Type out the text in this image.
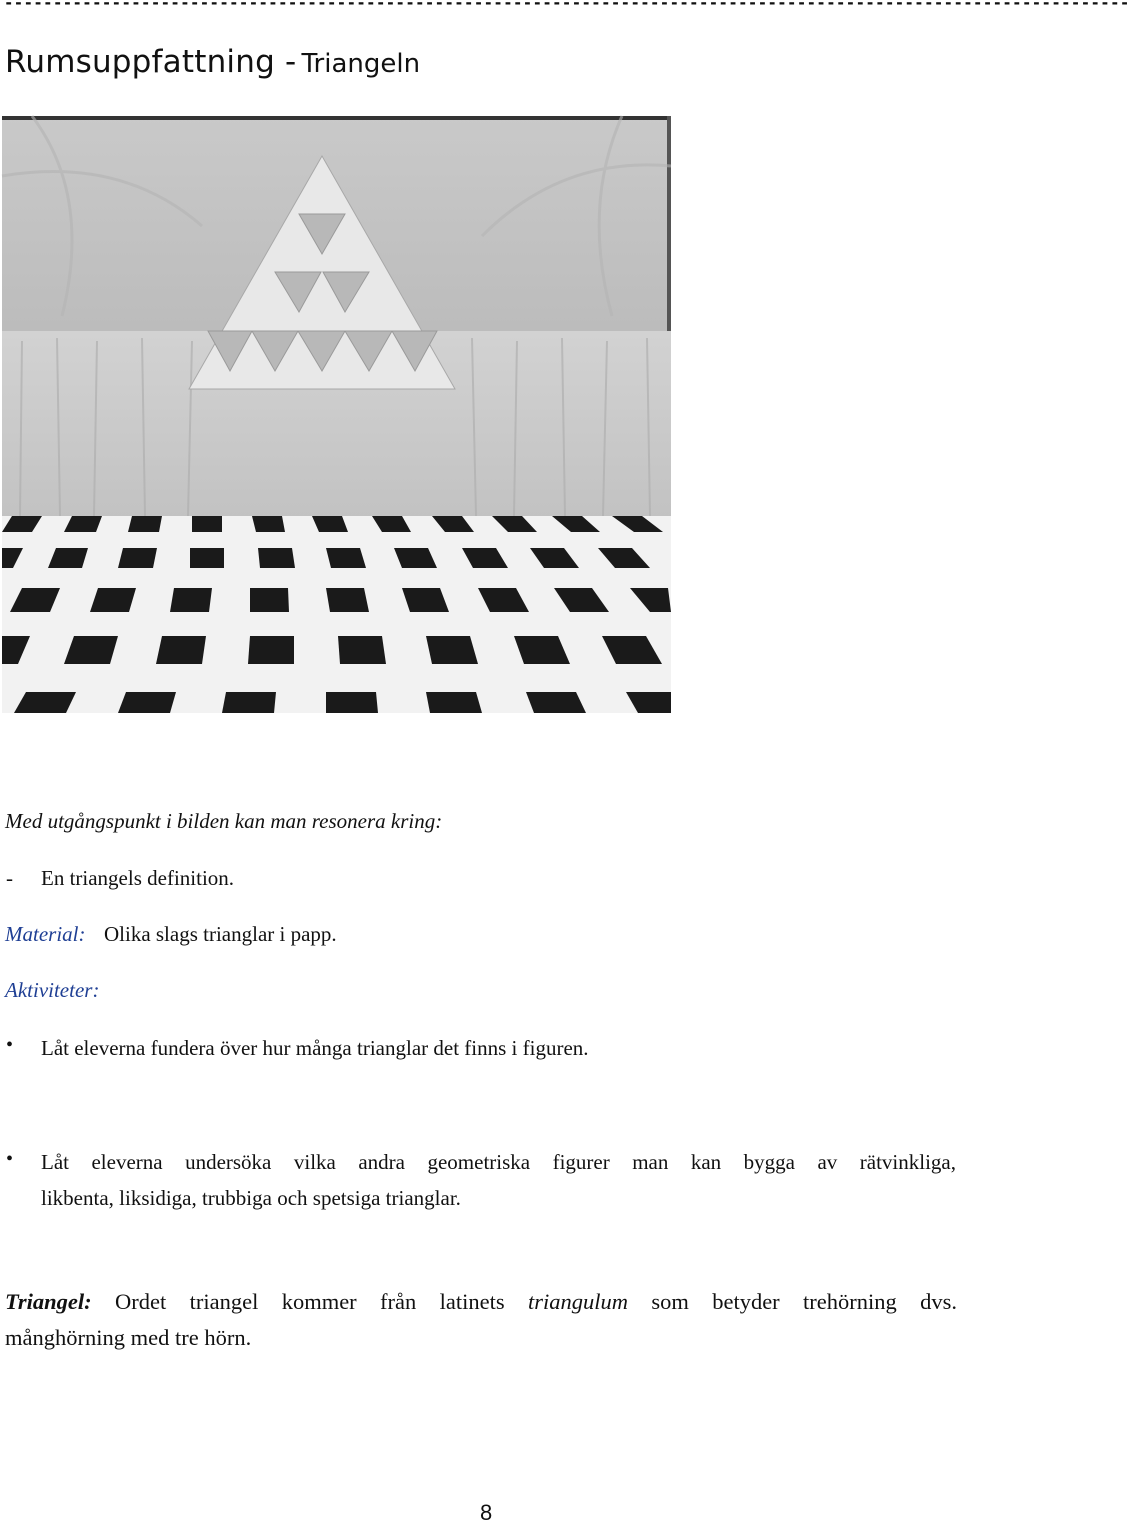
-------------------------------------------------------------------------------------------------------------------
Rumsuppfattning - Triangeln
Med utgångspunkt i bilden kan man resonera kring:
- En triangels definition.
Material: Olika slags trianglar i papp.
Aktiviteter:
• Låt eleverna fundera över hur många trianglar det finns i figuren.
• Låt eleverna undersöka vilka andra geometriska figurer man kan bygga av rätvinkliga,
likbenta, liksidiga, trubbiga och spetsiga trianglar.
Triangel: Ordet triangel kommer från latinets triangulum som betyder trehörning dvs.
månghörning med tre hörn.
8
